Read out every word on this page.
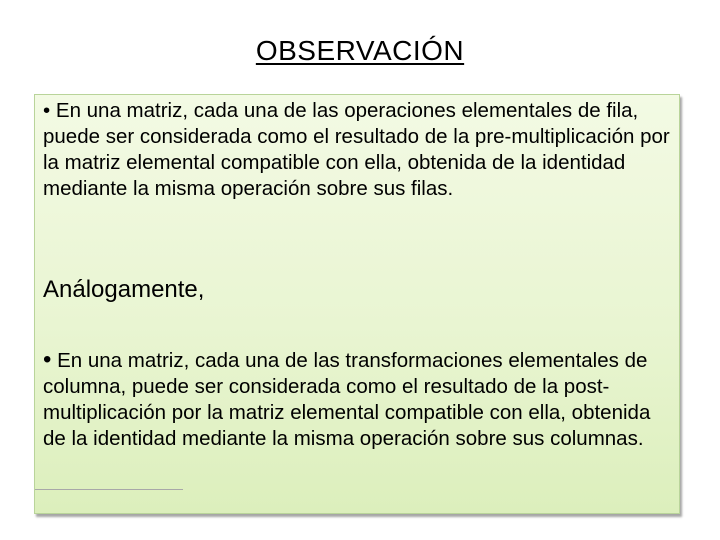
OBSERVACIÓN

• En una matriz, cada una de las operaciones elementales de fila, puede ser considerada como el resultado de la pre-multiplicación por la matriz elemental compatible con ella, obtenida de la identidad mediante la misma operación sobre sus filas.

Análogamente,

• En una matriz, cada una de las transformaciones elementales de columna, puede ser considerada como el resultado de la post-multiplicación por la matriz elemental compatible con ella, obtenida de la identidad mediante la misma operación sobre sus columnas.
